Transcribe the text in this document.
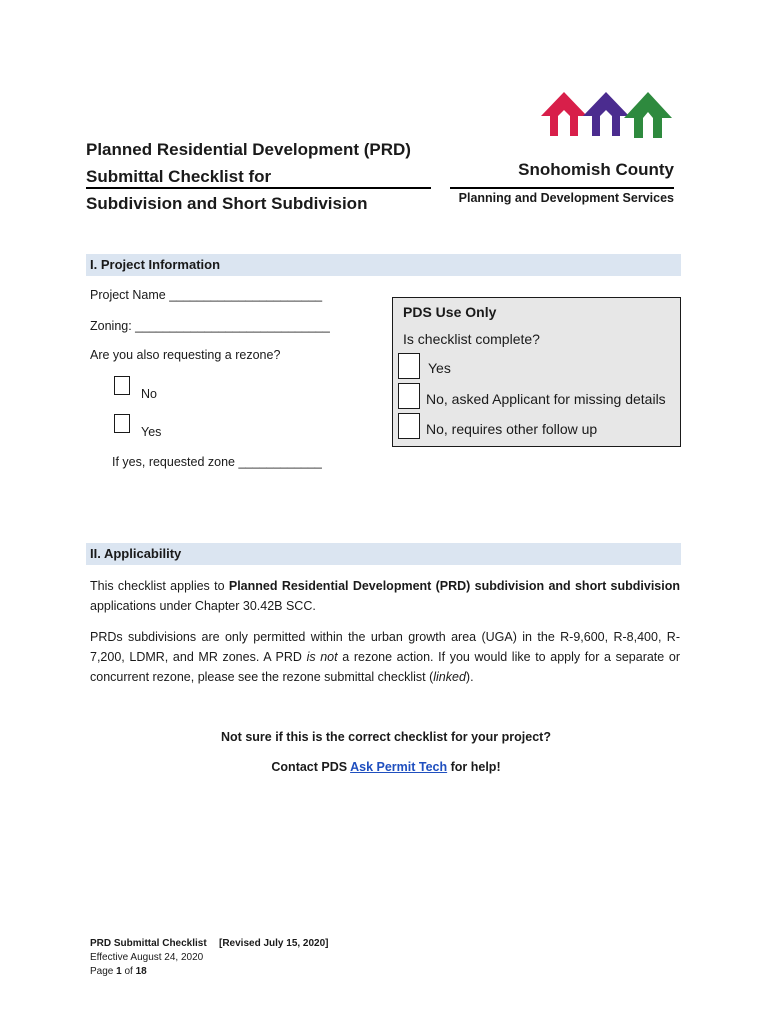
Planned Residential Development (PRD)
Submittal Checklist for
Subdivision and Short Subdivision
Snohomish County
Planning and Development Services
I. Project Information
Project Name ______________________
Zoning: ____________________________
Are you also requesting a rezone?
No
Yes
If yes, requested zone ____________
PDS Use Only
Is checklist complete?
Yes
No, asked Applicant for missing details
No, requires other follow up
II. Applicability
This checklist applies to Planned Residential Development (PRD) subdivision and short subdivision applications under Chapter 30.42B SCC.
PRDs subdivisions are only permitted within the urban growth area (UGA) in the R-9,600, R-8,400, R-7,200, LDMR, and MR zones. A PRD is not a rezone action. If you would like to apply for a separate or concurrent rezone, please see the rezone submittal checklist (linked).
Not sure if this is the correct checklist for your project?
Contact PDS Ask Permit Tech for help!
PRD Submittal Checklist [Revised July 15, 2020]
Effective August 24, 2020
Page 1 of 18
